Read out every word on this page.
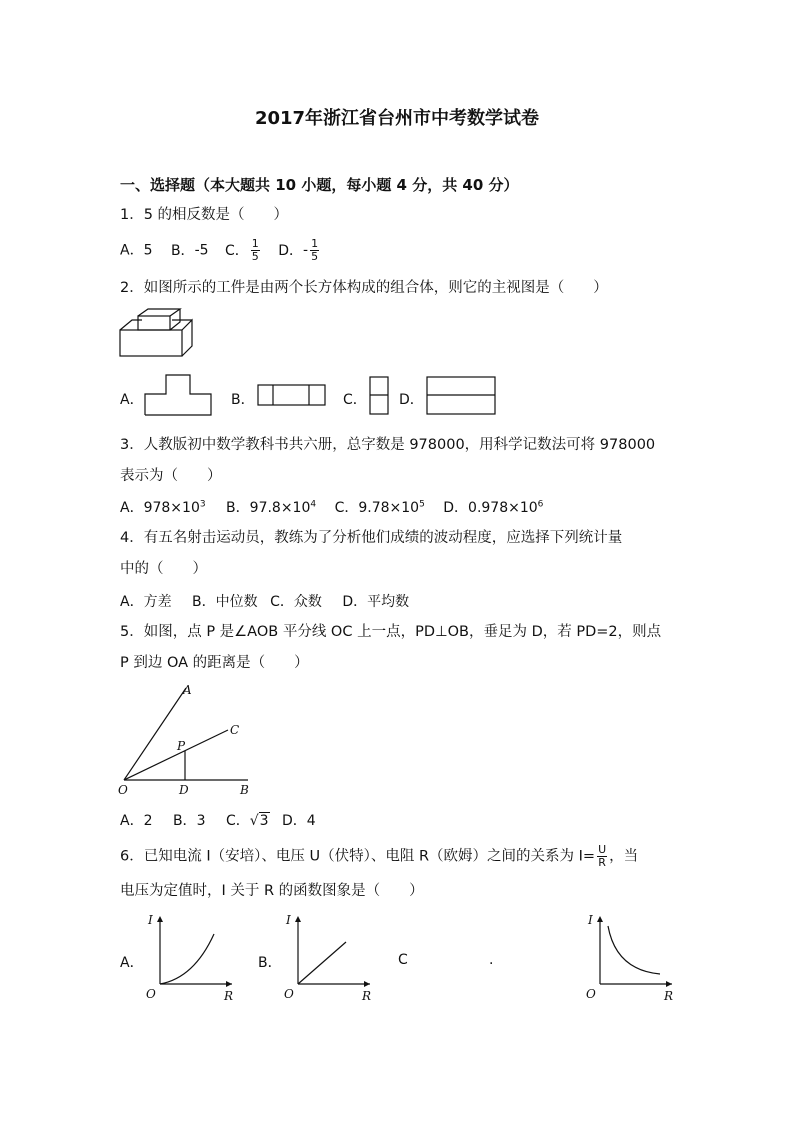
2017年浙江省台州市中考数学试卷
一、选择题（本大题共 10 小题，每小题 4 分，共 40 分）
1．5 的相反数是（　　）
A．5 B．-5 C． $\frac{1}{5}$ D．- $\frac{1}{5}$
2．如图所示的工件是由两个长方体构成的组合体，则它的主视图是（　　）
A．	B．	C． D．
3．人教版初中数学教科书共六册，总字数是 978000，用科学记数法可将 978000
表示为（　　）
A．$978\times 10^3$ B．$97.8\times 10^4$ C．$9.78\times 10^5$ D．$0.978\times 10^6$
4．有五名射击运动员，教练为了分析他们成绩的波动程度，应选择下列统计量
中的（　　）
A．方差 B．中位数 C．众数 D．平均数
5．如图，点 P 是∠AOB 平分线 OC 上一点，PD⊥OB，垂足为 D，若 PD=2，则点
P 到边 OA 的距离是（　　）
A
C
P
O	D	B
A．2 B．3 C．√3 D．4
6．已知电流 I（安培）、电压 U（伏特）、电阻 R（欧姆）之间的关系为 $I= \frac{U}{R}$ ，当
电压为定值时，I 关于 R 的函数图象是（　　）
A．
I
R
O
B．
I
R
O
C	.
I
R
O
